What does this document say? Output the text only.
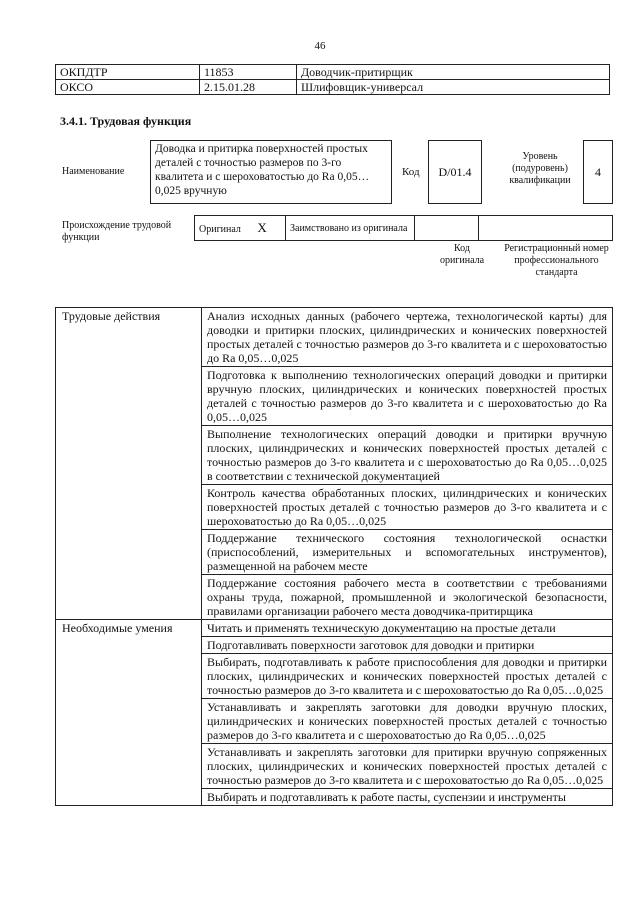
46
ОКПДТР	11853	Доводчик-притирщик
ОКСО	2.15.01.28	Шлифовщик-универсал
3.4.1. Трудовая функция
Наименование
Доводка и притирка поверхностей простых деталей с точностью размеров по 3-го квалитета и с шероховатостью до Ra 0,05…0,025 вручную
Код D/01.4
Уровень (подуровень) квалификации
4
Происхождение трудовой функции
Оригинал X	Заимствовано из оригинала		
Код оригинала
Регистрационный номер профессионального стандарта
Трудовые действия	Анализ исходных данных (рабочего чертежа, технологической карты) для доводки и притирки плоских, цилиндрических и конических поверхностей простых деталей с точностью размеров до 3-го квалитета и с шероховатостью до Ra 0,05…0,025
	Подготовка к выполнению технологических операций доводки и притирки вручную плоских, цилиндрических и конических поверхностей простых деталей с точностью размеров до 3-го квалитета и с шероховатостью до Ra 0,05…0,025
	Выполнение технологических операций доводки и притирки вручную плоских, цилиндрических и конических поверхностей простых деталей с точностью размеров до 3-го квалитета и с шероховатостью до Ra 0,05…0,025 в соответствии с технической документацией
	Контроль качества обработанных плоских, цилиндрических и конических поверхностей простых деталей с точностью размеров до 3-го квалитета и с шероховатостью до Ra 0,05…0,025
	Поддержание технического состояния технологической оснастки (приспособлений, измерительных и вспомогательных инструментов), размещенной на рабочем месте
	Поддержание состояния рабочего места в соответствии с требованиями охраны труда, пожарной, промышленной и экологической безопасности, правилами организации рабочего места доводчика-притирщика
Необходимые умения	Читать и применять техническую документацию на простые детали
	Подготавливать поверхности заготовок для доводки и притирки
	Выбирать, подготавливать к работе приспособления для доводки и притирки плоских, цилиндрических и конических поверхностей простых деталей с точностью размеров до 3-го квалитета и с шероховатостью до Ra 0,05…0,025
	Устанавливать и закреплять заготовки для доводки вручную плоских, цилиндрических и конических поверхностей простых деталей с точностью размеров до 3-го квалитета и с шероховатостью до Ra 0,05…0,025
	Устанавливать и закреплять заготовки для притирки вручную сопряженных плоских, цилиндрических и конических поверхностей простых деталей с точностью размеров до 3-го квалитета и с шероховатостью до Ra 0,05…0,025
	Выбирать и подготавливать к работе пасты, суспензии и инструменты
